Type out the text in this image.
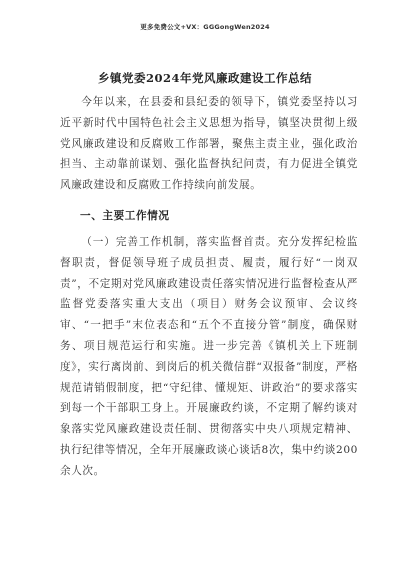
更多免费公文+VX：GGGongWen2024
乡镇党委2024年党风廉政建设工作总结
今年以来，在县委和县纪委的领导下，镇党委坚持以习近平新时代中国特色社会主义思想为指导，镇坚决贯彻上级党风廉政建设和反腐败工作部署，聚焦主责主业，强化政治担当、主动靠前谋划、强化监督执纪问责，有力促进全镇党风廉政建设和反腐败工作持续向前发展。
一、主要工作情况
（一）完善工作机制，落实监督首责。充分发挥纪检监督职责，督促领导班子成员担责、履责，履行好“一岗双责”，不定期对党风廉政建设责任落实情况进行监督检查从严监督党委落实重大支出（项目）财务会议预审、会议终审、“一把手”末位表态和“五个不直接分管”制度，确保财务、项目规范运行和实施。进一步完善《镇机关上下班制度》，实行离岗前、到岗后的机关微信群“双报备”制度，严格规范请销假制度，把“守纪律、懂规矩、讲政治”的要求落实到每一个干部职工身上。开展廉政约谈，不定期了解约谈对象落实党风廉政建设责任制、贯彻落实中央八项规定精神、执行纪律等情况，全年开展廉政谈心谈话8次，集中约谈200余人次。
